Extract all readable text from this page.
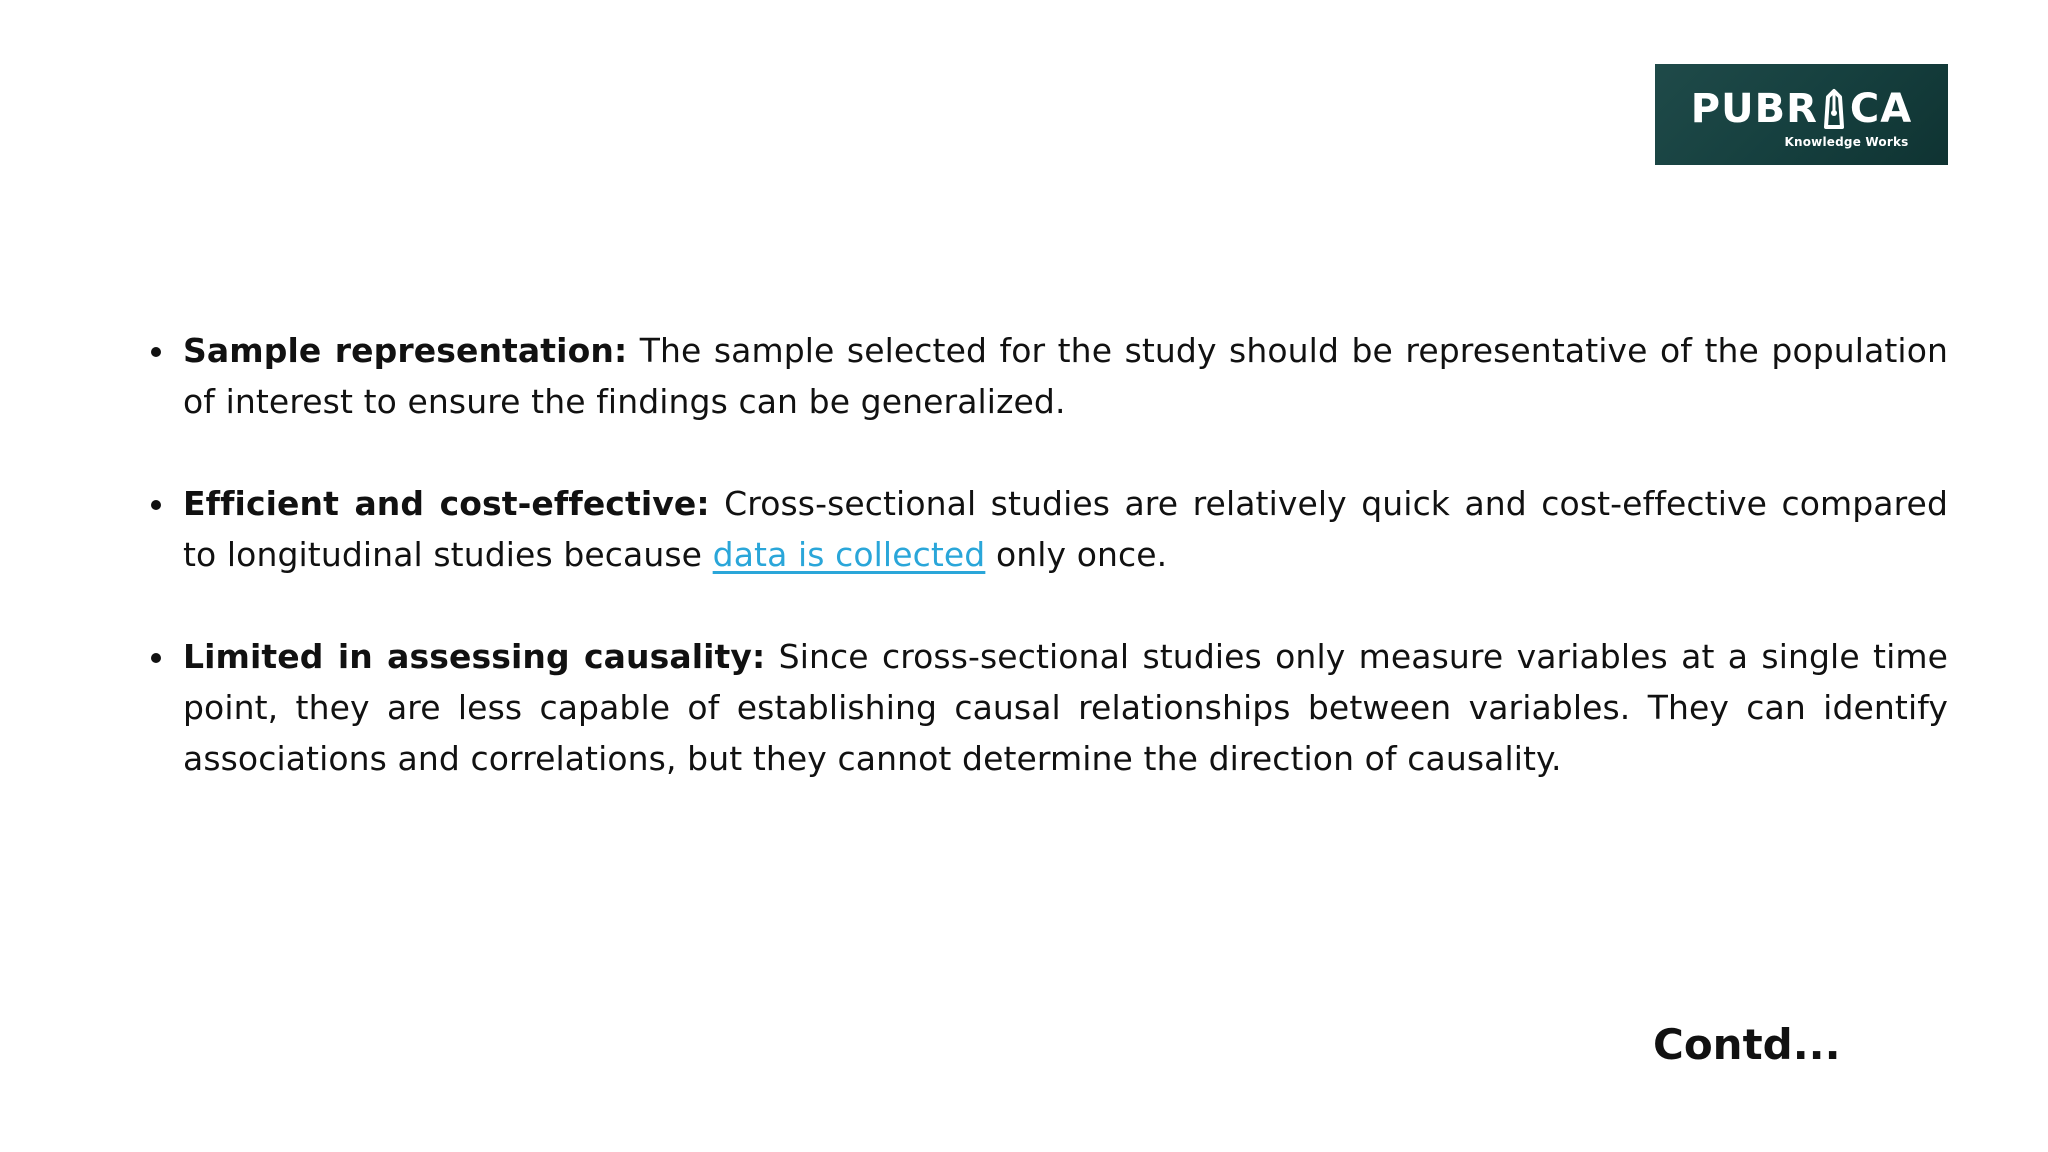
PUBR CA
Knowledge Works
Sample representation: The sample selected for the study should be representative of the population of interest to ensure the findings can be generalized.
Efficient and cost-effective: Cross-sectional studies are relatively quick and cost-effective compared to longitudinal studies because data is collected only once.
Limited in assessing causality: Since cross-sectional studies only measure variables at a single time point, they are less capable of establishing causal relationships between variables. They can identify associations and correlations, but they cannot determine the direction of causality.
Contd...
